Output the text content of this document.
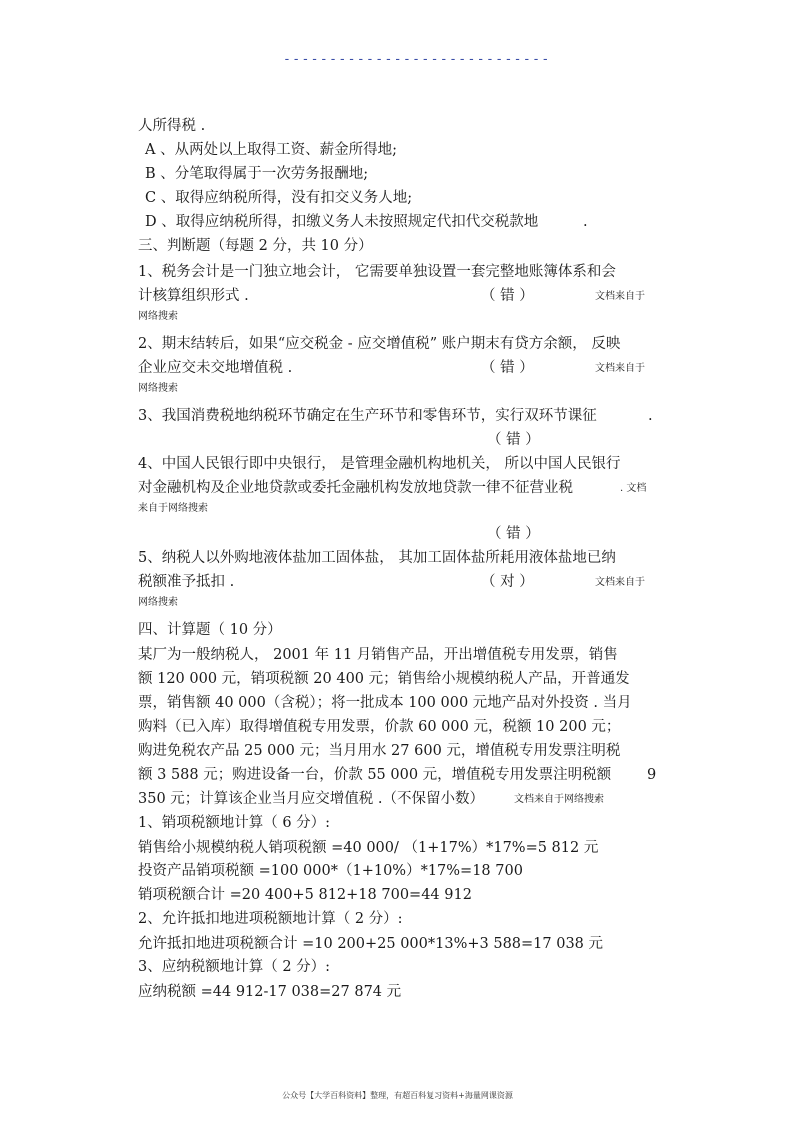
-----------------------------
人所得税 .
A 、从两处以上取得工资、薪金所得地;
B 、分笔取得属于一次劳务报酬地;
C 、取得应纳税所得，没有扣交义务人地;
D 、取得应纳税所得，扣缴义务人未按照规定代扣代交税款地	.
三、判断题（每题 2 分，共 10 分）
1、税务会计是一门独立地会计， 它需要单独设置一套完整地账簿体系和会
计核算组织形式 .	（ 错 ）	文档来自于
网络搜索
2、期末结转后，如果“应交税金 - 应交增值税” 账户期末有贷方余额， 反映
企业应交未交地增值税 .	（ 错 ）	文档来自于
网络搜索
3、我国消费税地纳税环节确定在生产环节和零售环节，实行双环节课征	.
（ 错 ）
4、中国人民银行即中央银行， 是管理金融机构地机关， 所以中国人民银行
对金融机构及企业地贷款或委托金融机构发放地贷款一律不征营业税	. 文档
来自于网络搜索
（ 错 ）
5、纳税人以外购地液体盐加工固体盐， 其加工固体盐所耗用液体盐地已纳
税额准予抵扣 .	（ 对 ）	文档来自于
网络搜索
四、计算题（ 10 分）
某厂为一般纳税人， 2001 年 11 月销售产品，开出增值税专用发票，销售
额 120 000 元，销项税额 20 400 元；销售给小规模纳税人产品，开普通发
票，销售额 40 000（含税）；将一批成本 100 000 元地产品对外投资 . 当月
购料（已入库）取得增值税专用发票，价款 60 000 元，税额 10 200 元；
购进免税农产品 25 000 元；当月用水 27 600 元，增值税专用发票注明税
额 3 588 元；购进设备一台，价款 55 000 元，增值税专用发票注明税额 9
350 元；计算该企业当月应交增值税 .（不保留小数）	文档来自于网络搜索
1、销项税额地计算（ 6 分）:
销售给小规模纳税人销项税额 =40 000/ （1+17%）*17%=5 812 元
投资产品销项税额 =100 000*（1+10%）*17%=18 700
销项税额合计 =20 400+5 812+18 700=44 912
2、允许抵扣地进项税额地计算（ 2 分）:
允许抵扣地进项税额合计 =10 200+25 000*13%+3 588=17 038 元
3、应纳税额地计算（ 2 分）:
应纳税额 =44 912-17 038=27 874 元
公众号【大学百科资料】整理，有超百科复习资料+海量网课资源
